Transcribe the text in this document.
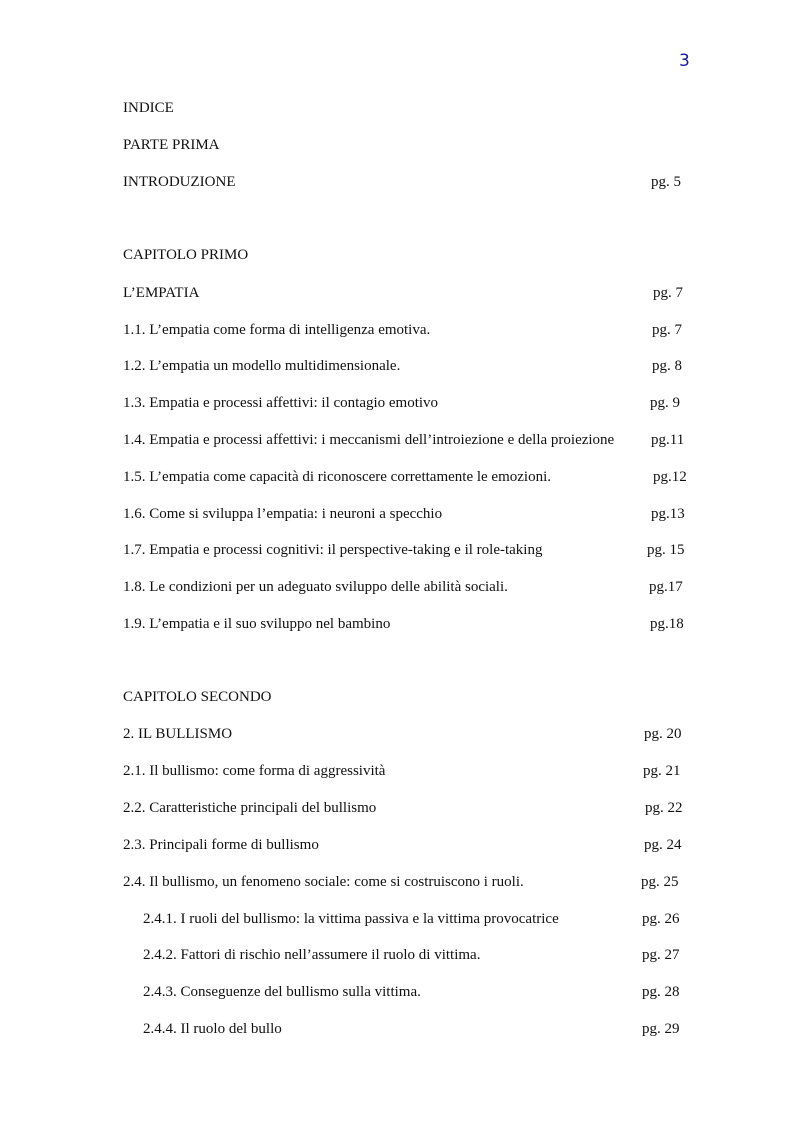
3
INDICE
PARTE PRIMA
INTRODUZIONE	pg. 5
CAPITOLO PRIMO
L’EMPATIA	pg. 7
1.1. L’empatia come forma di intelligenza emotiva.	pg. 7
1.2. L’empatia un modello multidimensionale.	pg. 8
1.3. Empatia e processi affettivi: il contagio emotivo	pg. 9
1.4. Empatia e processi affettivi: i meccanismi dell’introiezione e della proiezione pg.11
1.5. L’empatia come capacità di riconoscere correttamente le emozioni.	pg.12
1.6. Come si sviluppa l’empatia: i neuroni a specchio	pg.13
1.7. Empatia e processi cognitivi: il perspective-taking e il role-taking	pg. 15
1.8. Le condizioni per un adeguato sviluppo delle abilità sociali.	pg.17
1.9. L’empatia e il suo sviluppo nel bambino	pg.18
CAPITOLO SECONDO
2. IL BULLISMO	pg. 20
2.1. Il bullismo: come forma di aggressività	pg. 21
2.2. Caratteristiche principali del bullismo	pg. 22
2.3. Principali forme di bullismo	pg. 24
2.4. Il bullismo, un fenomeno sociale: come si costruiscono i ruoli.	pg. 25
2.4.1. I ruoli del bullismo: la vittima passiva e la vittima provocatrice	pg. 26
2.4.2. Fattori di rischio nell’assumere il ruolo di vittima.	pg. 27
2.4.3. Conseguenze del bullismo sulla vittima.	pg. 28
2.4.4. Il ruolo del bullo	pg. 29
